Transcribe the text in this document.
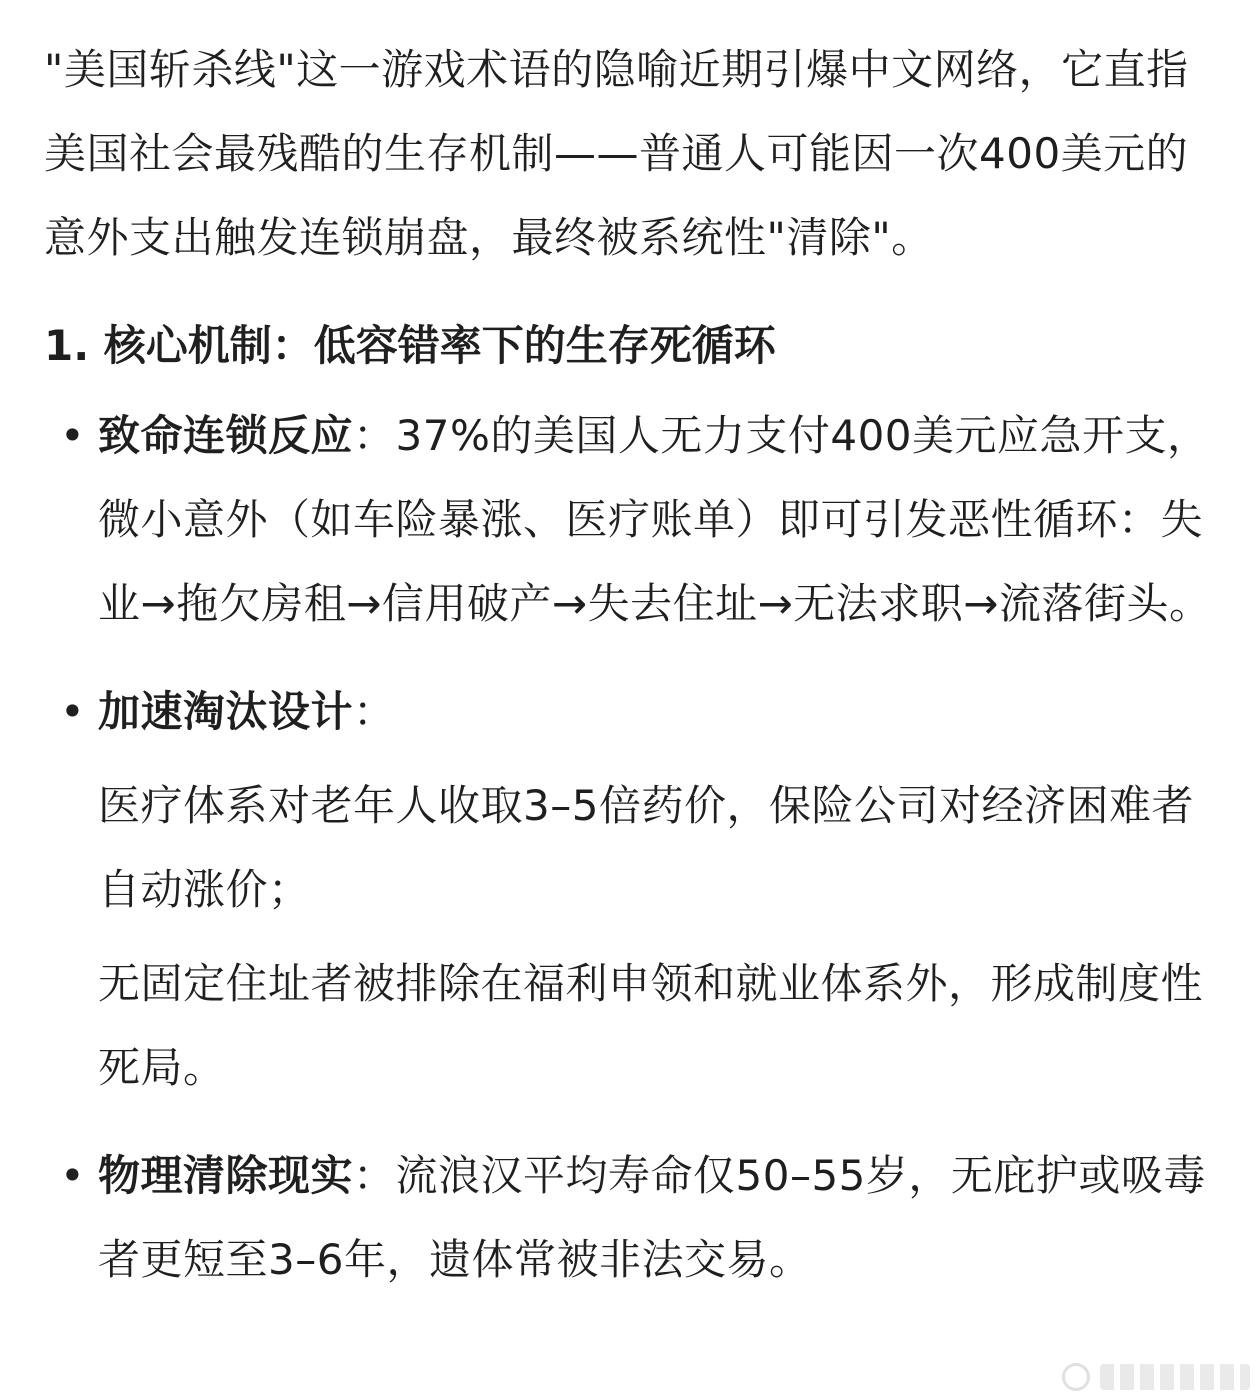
"美国斩杀线"这一游戏术语的隐喻近期引爆中文网络，它直指美国社会最残酷的生存机制——普通人可能因一次400美元的意外支出触发连锁崩盘，最终被系统性"清除"。

1. 核心机制：低容错率下的生存死循环
• 致命连锁反应：37%的美国人无力支付400美元应急开支，微小意外（如车险暴涨、医疗账单）即可引发恶性循环：失业→拖欠房租→信用破产→失去住址→无法求职→流落街头。

• 加速淘汰设计：

医疗体系对老年人收取3–5倍药价，保险公司对经济困难者自动涨价；

无固定住址者被排除在福利申领和就业体系外，形成制度性死局。

• 物理清除现实：流浪汉平均寿命仅50–55岁，无庇护或吸毒者更短至3–6年，遗体常被非法交易。
